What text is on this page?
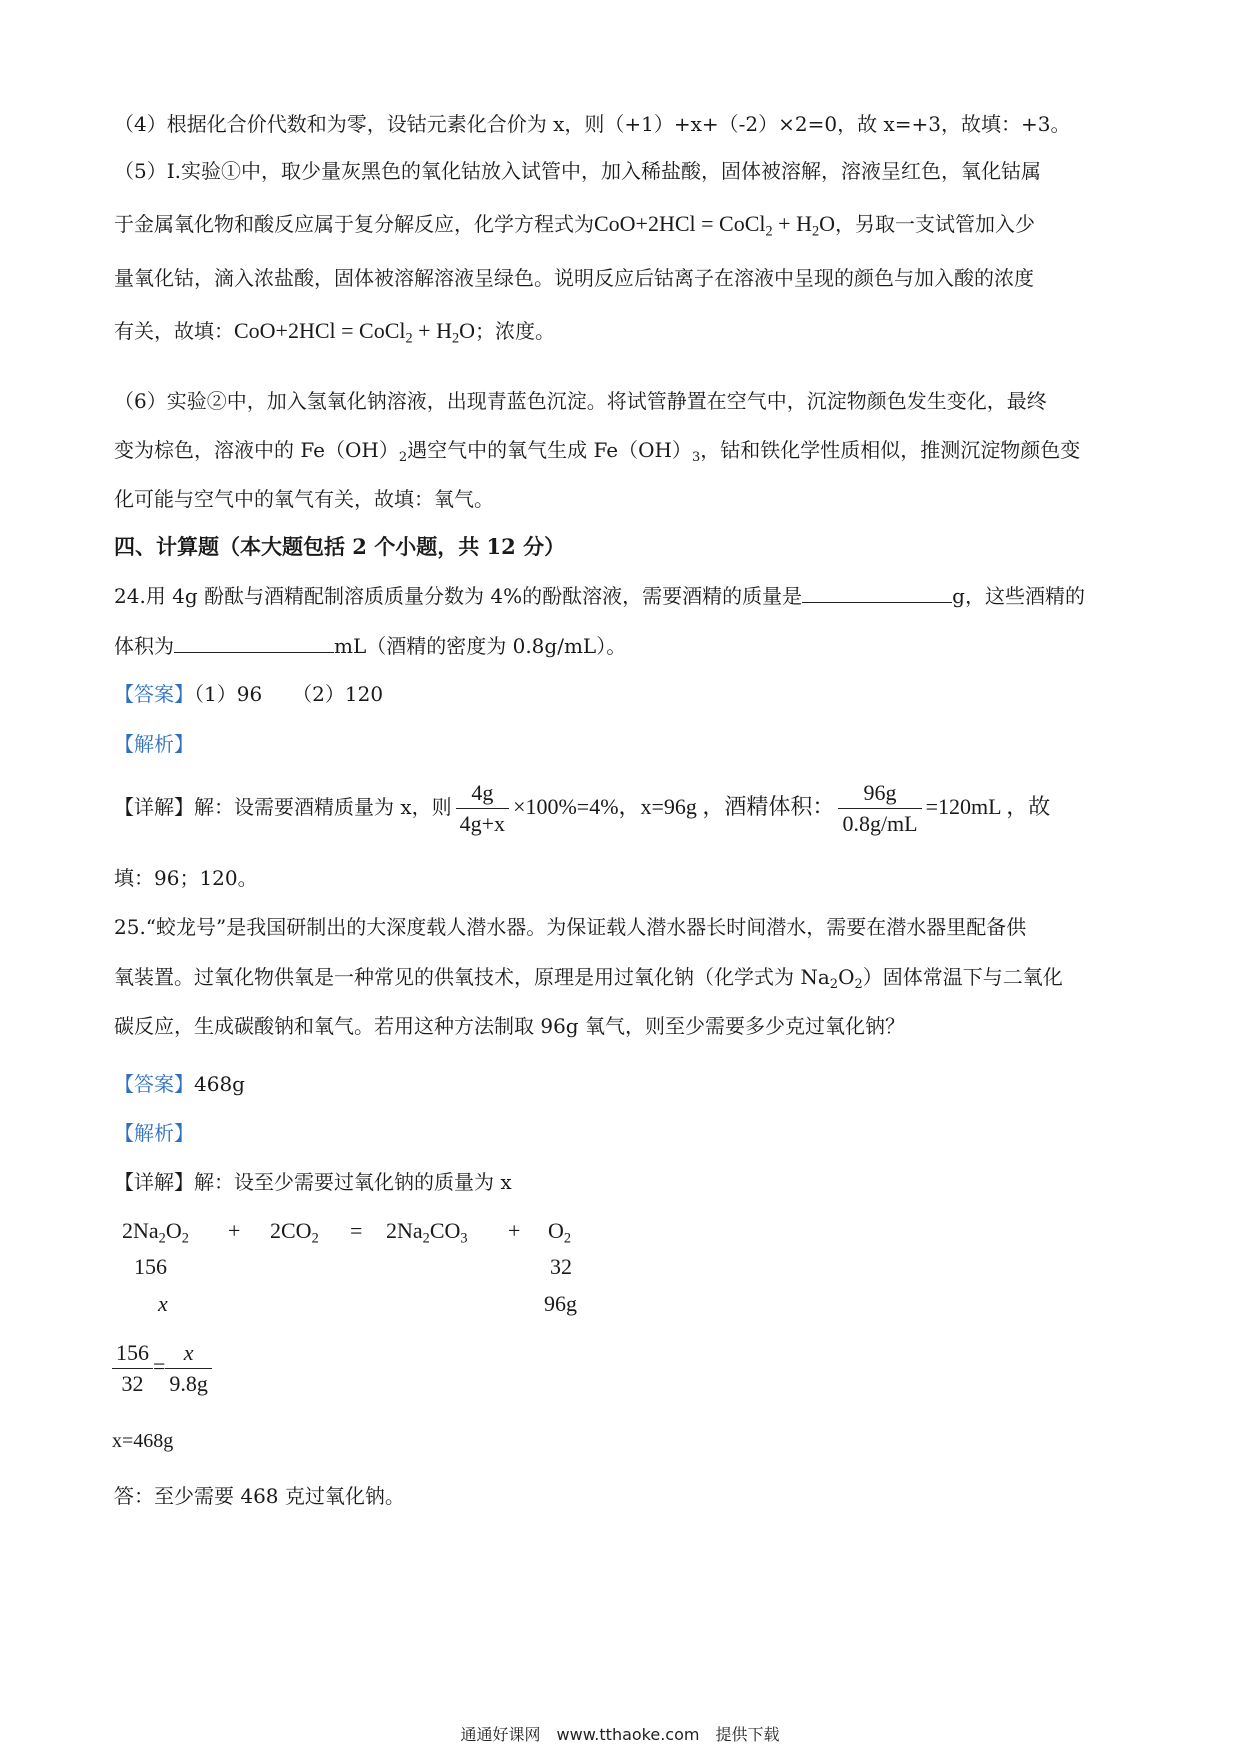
（4）根据化合价代数和为零，设钴元素化合价为 x，则（+1）+x+（-2）×2=0，故 x=+3，故填：+3。
（5）I.实验①中，取少量灰黑色的氧化钴放入试管中，加入稀盐酸，固体被溶解，溶液呈红色，氧化钴属
于金属氧化物和酸反应属于复分解反应，化学方程式为CoO+2HCl = CoCl$_2$ + $H_2O$，另取一支试管加入少
量氧化钴，滴入浓盐酸，固体被溶解溶液呈绿色。说明反应后钴离子在溶液中呈现的颜色与加入酸的浓度
有关，故填：CoO+2HCl = CoCl$_2$ + $H_2O$；浓度。
（6）实验②中，加入氢氧化钠溶液，出现青蓝色沉淀。将试管静置在空气中，沉淀物颜色发生变化，最终
变为棕色，溶液中的 $Fe(OH)_2$遇空气中的氧气生成 $Fe(OH)_3$，钴和铁化学性质相似，推测沉淀物颜色变
化可能与空气中的氧气有关，故填：氧气。
四、计算题（本大题包括 2 个小题，共 12 分）
24.用 4g 酚酞与酒精配制溶质质量分数为 4%的酚酞溶液，需要酒精的质量是	g，这些酒精的
体积为	mL（酒精的密度为 0.8g/mL）。
【答案】（1）96　　（2）120
【解析】
【详解】解：设需要酒精质量为 x，则 $\frac{4g}{4g+x} \times 100\%=4\%$，x=96g ，酒精体积： $\frac{96g}{0.8g/mL} =120mL$ ，故
填：96；120。
25.“蛟龙号”是我国研制出的大深度载人潜水器。为保证载人潜水器长时间潜水，需要在潜水器里配备供
氧装置。过氧化物供氧是一种常见的供氧技术，原理是用过氧化钠（化学式为 $Na_2O_2$）固体常温下与二氧化
碳反应，生成碳酸钠和氧气。若用这种方法制取 96g 氧气，则至少需要多少克过氧化钠？
【答案】468g
【解析】
【详解】解：设至少需要过氧化钠的质量为 x
$2Na_2O_2 + 2CO_2 = 2Na_2CO_3 + O_2$
156	32
x	96g
$\frac{156}{32} = \frac{x}{9.8g}$
x=468g
答：至少需要 468 克过氧化钠。
通通好课网　www.tthaoke.com　提供下载
